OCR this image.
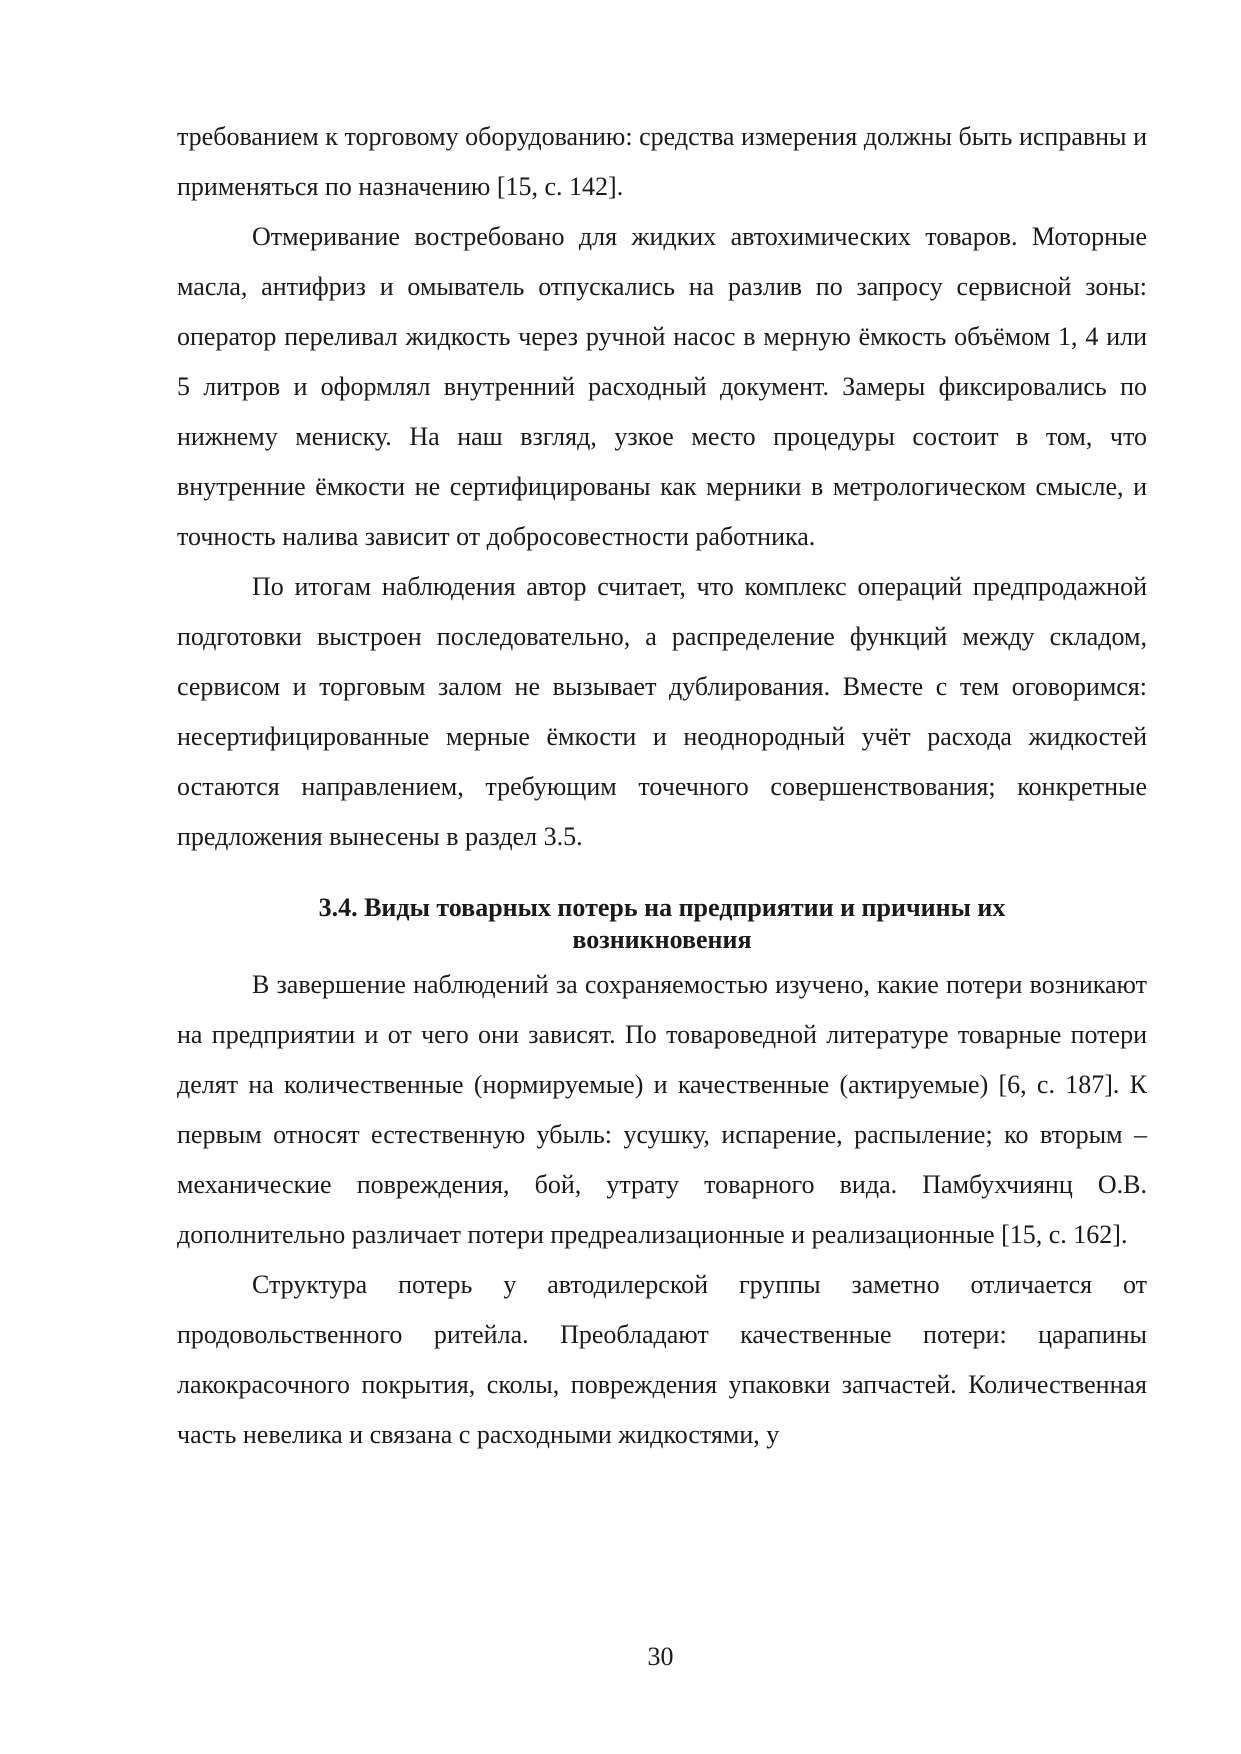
требованием к торговому оборудованию: средства измерения должны быть исправны и применяться по назначению [15, с. 142].

Отмеривание востребовано для жидких автохимических товаров. Моторные масла, антифриз и омыватель отпускались на разлив по запросу сервисной зоны: оператор переливал жидкость через ручной насос в мерную ёмкость объёмом 1, 4 или 5 литров и оформлял внутренний расходный документ. Замеры фиксировались по нижнему мениску. На наш взгляд, узкое место процедуры состоит в том, что внутренние ёмкости не сертифицированы как мерники в метрологическом смысле, и точность налива зависит от добросовестности работника.

По итогам наблюдения автор считает, что комплекс операций предпродажной подготовки выстроен последовательно, а распределение функций между складом, сервисом и торговым залом не вызывает дублирования. Вместе с тем оговоримся: несертифицированные мерные ёмкости и неоднородный учёт расхода жидкостей остаются направлением, требующим точечного совершенствования; конкретные предложения вынесены в раздел 3.5.

3.4. Виды товарных потерь на предприятии и причины их
возникновения

В завершение наблюдений за сохраняемостью изучено, какие потери возникают на предприятии и от чего они зависят. По товароведной литературе товарные потери делят на количественные (нормируемые) и качественные (актируемые) [6, с. 187]. К первым относят естественную убыль: усушку, испарение, распыление; ко вторым – механические повреждения, бой, утрату товарного вида. Памбухчиянц О.В. дополнительно различает потери предреализационные и реализационные [15, с. 162].

Структура потерь у автодилерской группы заметно отличается от продовольственного ритейла. Преобладают качественные потери: царапины лакокрасочного покрытия, сколы, повреждения упаковки запчастей. Количественная часть невелика и связана с расходными жидкостями, у

30
